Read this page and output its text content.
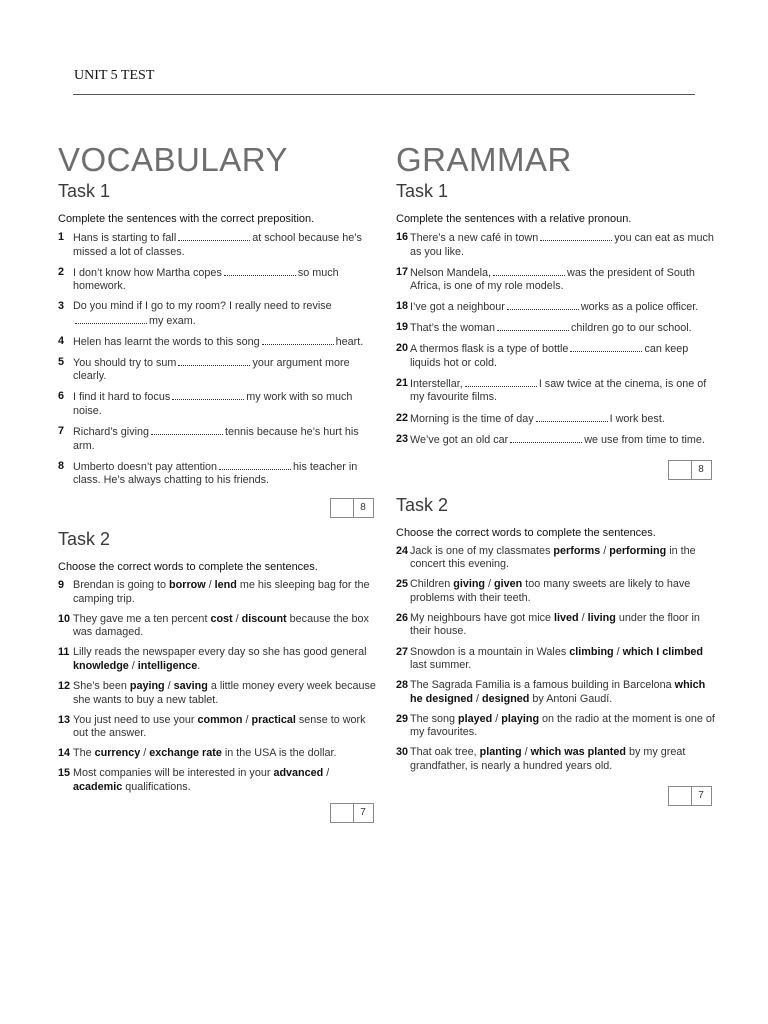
UNIT 5 TEST
VOCABULARY
Task 1
Complete the sentences with the correct preposition.
1 Hans is starting to fall	at school because he’s missed a lot of classes.
2 I don’t know how Martha copes	so much homework.
3 Do you mind if I go to my room? I really need to revisemy exam.
4 Helen has learnt the words to this song	heart.
5 You should try to sum	your argument more clearly.
6 I find it hard to focus	my work with so much noise.
7 Richard’s giving	tennis because he’s hurt his arm.
8 Umberto doesn’t pay attention	his teacher in class. He’s always chatting to his friends.
8
Task 2
Choose the correct words to complete the sentences.
9 Brendan is going to borrow / lend me his sleeping bag for the camping trip.
10 They gave me a ten percent cost / discount because the box was damaged.
11 Lilly reads the newspaper every day so she has good general knowledge / intelligence.
12 She’s been paying / saving a little money every week because she wants to buy a new tablet.
13 You just need to use your common / practical sense to work out the answer.
14 The currency / exchange rate in the USA is the dollar.
15 Most companies will be interested in your advanced / academic qualifications.
7
GRAMMAR
Task 1
Complete the sentences with a relative pronoun.
16 There’s a new café in town	you can eat as much as you like.
17 Nelson Mandela,	was the president of South Africa, is one of my role models.
18 I’ve got a neighbour	works as a police officer.
19 That’s the woman	children go to our school.
20 A thermos flask is a type of bottle	can keep liquids hot or cold.
21 Interstellar,	I saw twice at the cinema, is one of my favourite films.
22 Morning is the time of day	I work best.
23 We’ve got an old car	we use from time to time.
8
Task 2
Choose the correct words to complete the sentences.
24 Jack is one of my classmates performs / performing in the concert this evening.
25 Children giving / given too many sweets are likely to have problems with their teeth.
26 My neighbours have got mice lived / living under the floor in their house.
27 Snowdon is a mountain in Wales climbing / which I climbed last summer.
28 The Sagrada Familia is a famous building in Barcelona which he designed / designed by Antoni Gaudí.
29 The song played / playing on the radio at the moment is one of my favourites.
30 That oak tree, planting / which was planted by my great grandfather, is nearly a hundred years old.
7
